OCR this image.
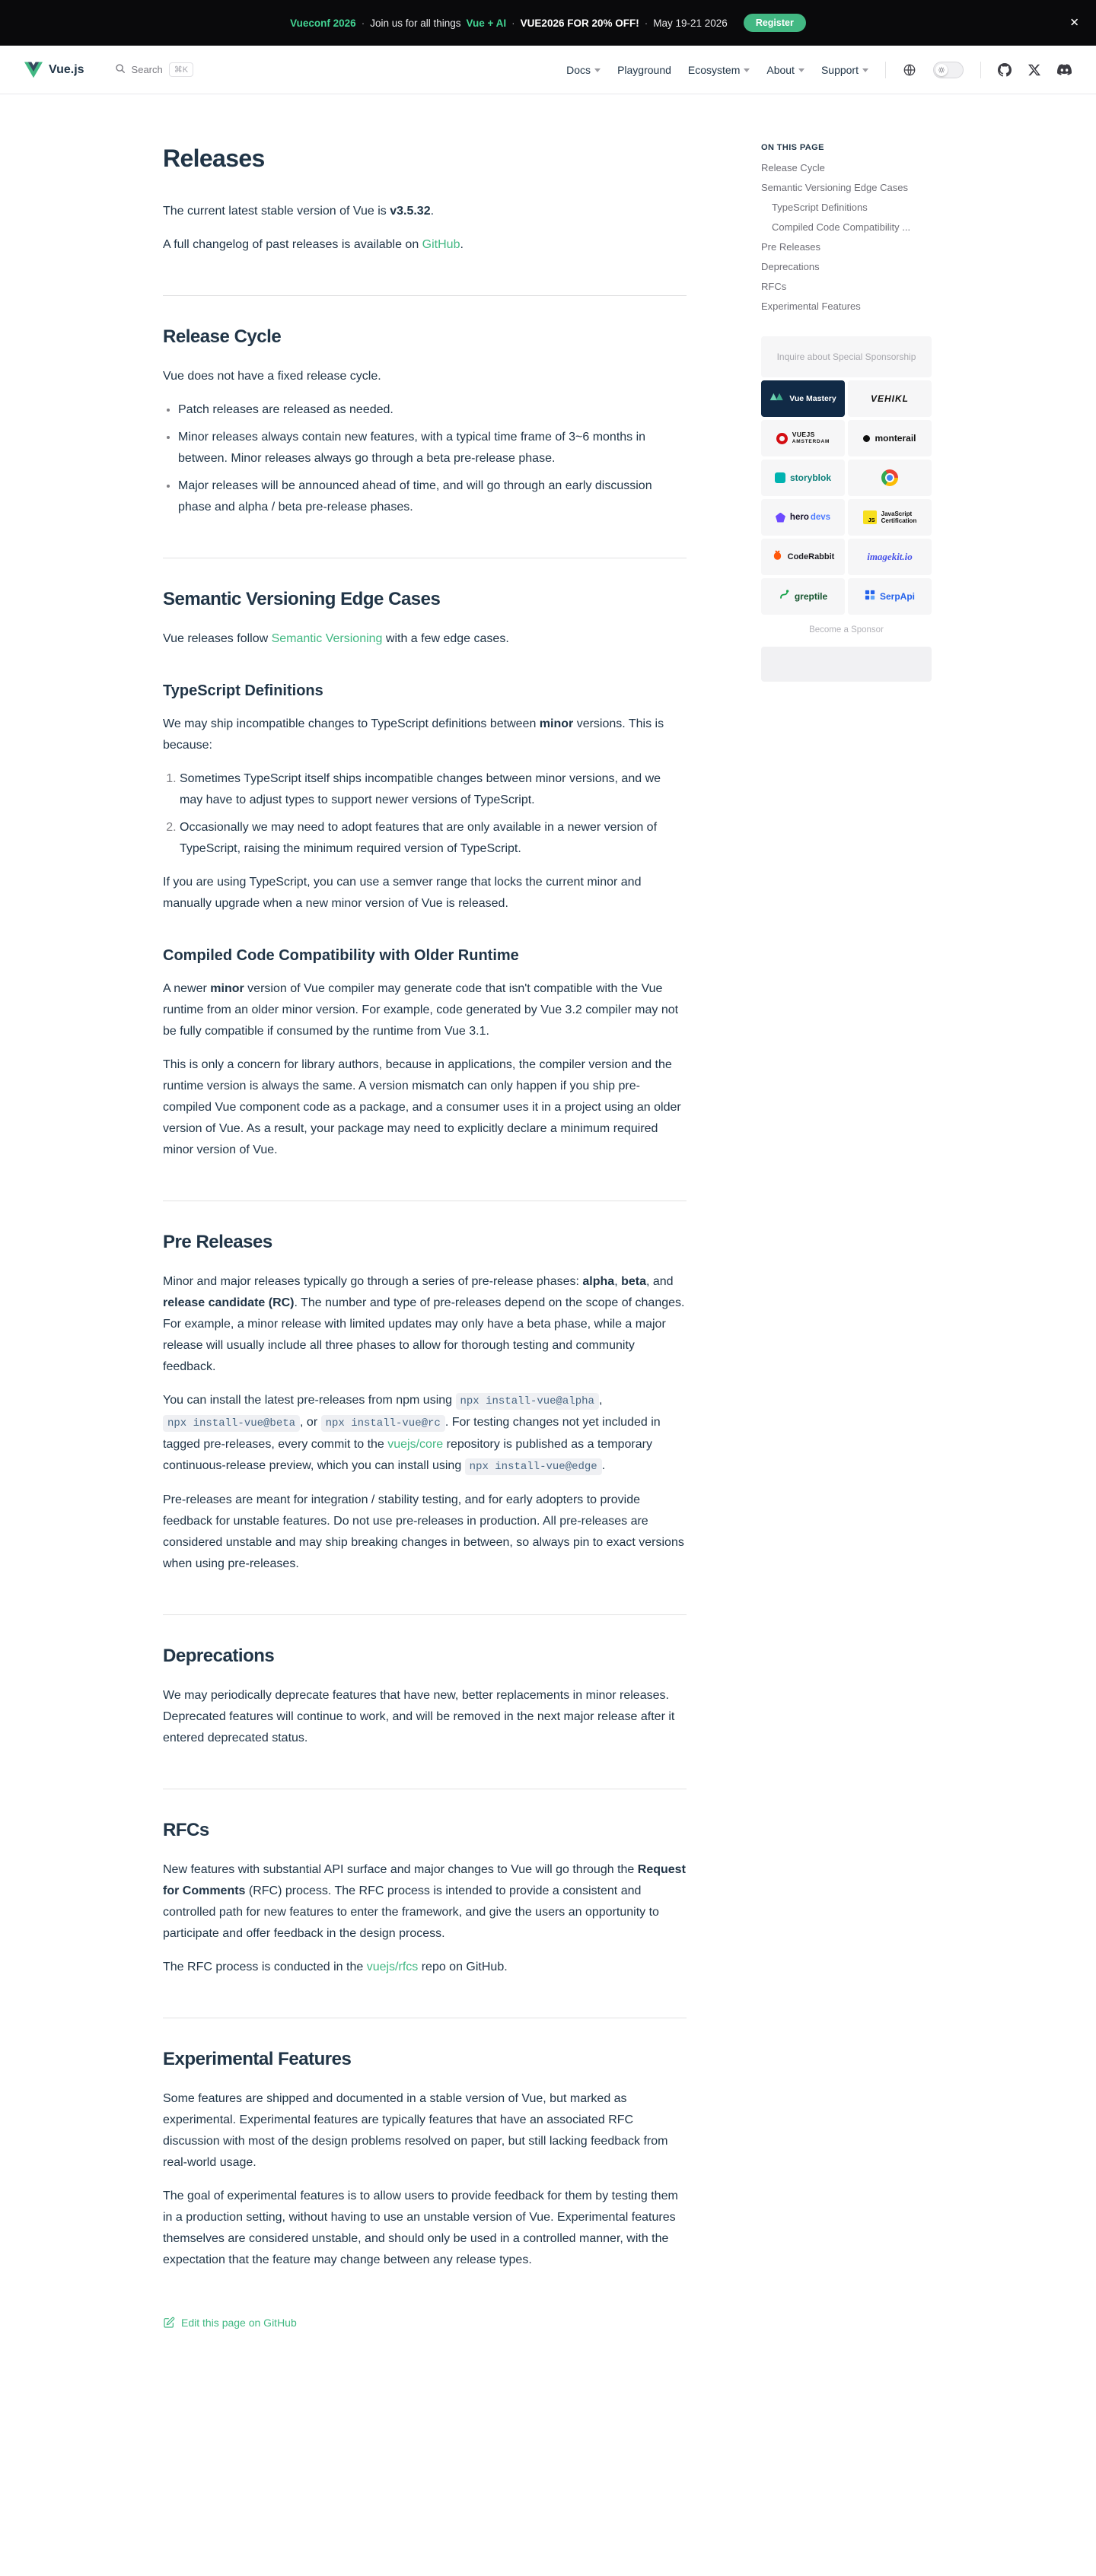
Vueconf 2026 · Join us for all things Vue + AI · VUE2026 FOR 20% OFF! · May 19-21 2026	Register	✕
Vue.js	Search	⌘K	Docs	Playground Ecosystem	About	Support
Releases

The current latest stable version of Vue is v3.5.32.

A full changelog of past releases is available on GitHub.

Release Cycle

Vue does not have a fixed release cycle.

• Patch releases are released as needed.
• Minor releases always contain new features, with a typical time frame of 3~6 months in between. Minor releases always go through a beta pre-release phase.
• Major releases will be announced ahead of time, and will go through an early discussion phase and alpha / beta pre-release phases.
Semantic Versioning Edge Cases

Vue releases follow Semantic Versioning with a few edge cases.

TypeScript Definitions

We may ship incompatible changes to TypeScript definitions between minor versions. This is because:

1. Sometimes TypeScript itself ships incompatible changes between minor versions, and we may have to adjust types to support newer versions of TypeScript.
2. Occasionally we may need to adopt features that are only available in a newer version of TypeScript, raising the minimum required version of TypeScript.

If you are using TypeScript, you can use a semver range that locks the current minor and manually upgrade when a new minor version of Vue is released.

Compiled Code Compatibility with Older Runtime

A newer minor version of Vue compiler may generate code that isn't compatible with the Vue runtime from an older minor version. For example, code generated by Vue 3.2 compiler may not be fully compatible if consumed by the runtime from Vue 3.1.

This is only a concern for library authors, because in applications, the compiler version and the runtime version is always the same. A version mismatch can only happen if you ship pre-compiled Vue component code as a package, and a consumer uses it in a project using an older version of Vue. As a result, your package may need to explicitly declare a minimum required minor version of Vue.

Pre Releases

Minor and major releases typically go through a series of pre-release phases: alpha, beta, and release candidate (RC). The number and type of pre-releases depend on the scope of changes. For example, a minor release with limited updates may only have a beta phase, while a major release will usually include all three phases to allow for thorough testing and community feedback.

You can install the latest pre-releases from npm using npx install-vue@alpha , npx install-vue@beta , or npx install-vue@rc . For testing changes not yet included in tagged pre-releases, every commit to the vuejs/core repository is published as a temporary continuous-release preview, which you can install using npx install-vue@edge .

Pre-releases are meant for integration / stability testing, and for early adopters to provide feedback for unstable features. Do not use pre-releases in production. All pre-releases are considered unstable and may ship breaking changes in between, so always pin to exact versions when using pre-releases.

Deprecations

We may periodically deprecate features that have new, better replacements in minor releases. Deprecated features will continue to work, and will be removed in the next major release after it entered deprecated status.

RFCs

New features with substantial API surface and major changes to Vue will go through the Request for Comments (RFC) process. The RFC process is intended to provide a consistent and controlled path for new features to enter the framework, and give the users an opportunity to participate and offer feedback in the design process.

The RFC process is conducted in the vuejs/rfcs repo on GitHub.

Experimental Features

Some features are shipped and documented in a stable version of Vue, but marked as experimental. Experimental features are typically features that have an associated RFC discussion with most of the design problems resolved on paper, but still lacking feedback from real-world usage.

The goal of experimental features is to allow users to provide feedback for them by testing them in a production setting, without having to use an unstable version of Vue. Experimental features themselves are considered unstable, and should only be used in a controlled manner, with the expectation that the feature may change between any release types.

Edit this page on GitHub
ON THIS PAGE
Release Cycle
Semantic Versioning Edge Cases
TypeScript Definitions
Compiled Code Compatibility ...
Pre Releases
Deprecations
RFCs
Experimental Features
Inquire about Special Sponsorship
Vue Mastery	VEHIKL
VUEJS
AMSTERDAM	monterail
storyblok
hero devs	JS
JavaScript
Certification
CodeRabbit	imagekit.io
greptile	SerpApi
Become a Sponsor
